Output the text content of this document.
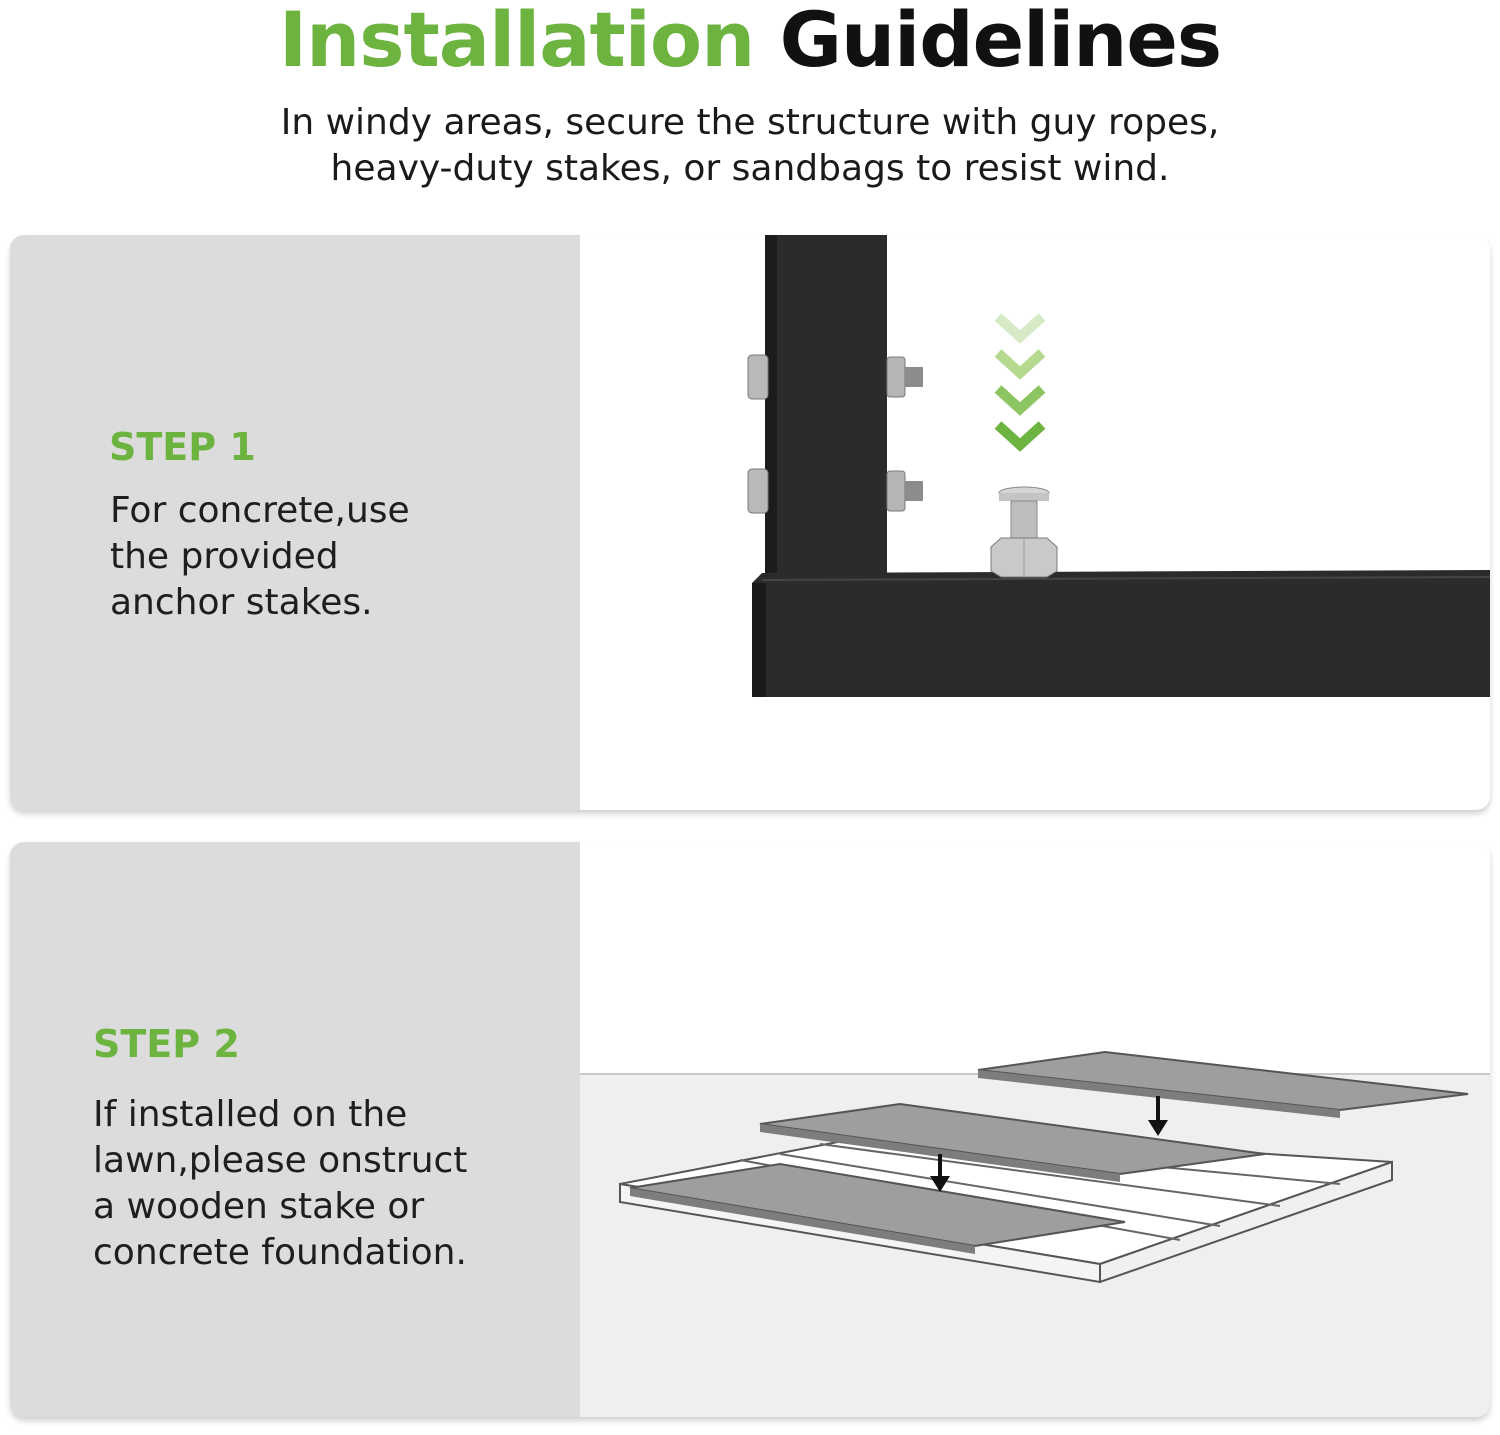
Installation Guidelines
In windy areas, secure the structure with guy ropes,
heavy-duty stakes, or sandbags to resist wind.
STEP 1
For concrete,use
the provided
anchor stakes.
STEP 2
If installed on the
lawn,please onstruct
a wooden stake or
concrete foundation.
